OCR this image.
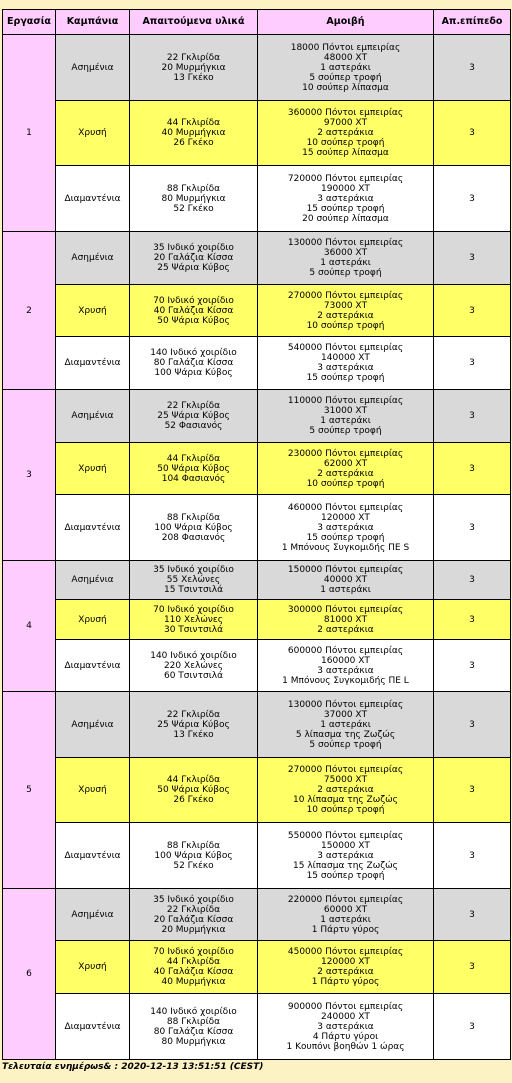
Εργασία	Καμπάνια	Απαιτούμενα υλικά	Αμοιβή	Απ.επίπεδο
1	Ασημένια	22 Γκλιρίδα
20 Μυρμήγκια
13 Γκέκο	18000 Πόντοι εμπειρίας
48000 ΧΤ
1 αστεράκι
5 σούπερ τροφή
10 σούπερ λίπασμα	3
	Χρυσή	44 Γκλιρίδα
40 Μυρμήγκια
26 Γκέκο	360000 Πόντοι εμπειρίας
97000 ΧΤ
2 αστεράκια
10 σούπερ τροφή
15 σούπερ λίπασμα	3
	Διαμαντένια	88 Γκλιρίδα
80 Μυρμήγκια
52 Γκέκο	720000 Πόντοι εμπειρίας
190000 ΧΤ
3 αστεράκια
15 σούπερ τροφή
20 σούπερ λίπασμα	3
2	Ασημένια	35 Ινδικό χοιρίδιο
20 Γαλάζια Κίσσα
25 Ψάρια Κύβος	130000 Πόντοι εμπειρίας
36000 ΧΤ
1 αστεράκι
5 σούπερ τροφή	3
	Χρυσή	70 Ινδικό χοιρίδιο
40 Γαλάζια Κίσσα
50 Ψάρια Κύβος	270000 Πόντοι εμπειρίας
73000 ΧΤ
2 αστεράκια
10 σούπερ τροφή	3
	Διαμαντένια	140 Ινδικό χοιρίδιο
80 Γαλάζια Κίσσα
100 Ψάρια Κύβος	540000 Πόντοι εμπειρίας
140000 ΧΤ
3 αστεράκια
15 σούπερ τροφή	3
3	Ασημένια	22 Γκλιρίδα
25 Ψάρια Κύβος
52 Φασιανός	110000 Πόντοι εμπειρίας
31000 ΧΤ
1 αστεράκι
5 σούπερ τροφή	3
	Χρυσή	44 Γκλιρίδα
50 Ψάρια Κύβος
104 Φασιανός	230000 Πόντοι εμπειρίας
62000 ΧΤ
2 αστεράκια
10 σούπερ τροφή	3
	Διαμαντένια	88 Γκλιρίδα
100 Ψάρια Κύβος
208 Φασιανός	460000 Πόντοι εμπειρίας
120000 ΧΤ
3 αστεράκια
15 σούπερ τροφή
1 Μπόνους Συγκομιδής ΠΕ S	3
4	Ασημένια	35 Ινδικό χοιρίδιο
55 Χελώνες
15 Τσιντσιλά	150000 Πόντοι εμπειρίας
40000 ΧΤ
1 αστεράκι	3
	Χρυσή	70 Ινδικό χοιρίδιο
110 Χελώνες
30 Τσιντσιλά	300000 Πόντοι εμπειρίας
81000 ΧΤ
2 αστεράκια	3
	Διαμαντένια	140 Ινδικό χοιρίδιο
220 Χελώνες
60 Τσιντσιλά	600000 Πόντοι εμπειρίας
160000 ΧΤ
3 αστεράκια
1 Μπόνους Συγκομιδής ΠΕ L	3
5	Ασημένια	22 Γκλιρίδα
25 Ψάρια Κύβος
13 Γκέκο	130000 Πόντοι εμπειρίας
37000 ΧΤ
1 αστεράκι
5 λίπασμα της Ζωζώς
5 σούπερ τροφή	3
	Χρυσή	44 Γκλιρίδα
50 Ψάρια Κύβος
26 Γκέκο	270000 Πόντοι εμπειρίας
75000 ΧΤ
2 αστεράκια
10 λίπασμα της Ζωζώς
10 σούπερ τροφή	3
	Διαμαντένια	88 Γκλιρίδα
100 Ψάρια Κύβος
52 Γκέκο	550000 Πόντοι εμπειρίας
150000 ΧΤ
3 αστεράκια
15 λίπασμα της Ζωζώς
15 σούπερ τροφή	3
6	Ασημένια	35 Ινδικό χοιρίδιο
22 Γκλιρίδα
20 Γαλάζια Κίσσα
20 Μυρμήγκια	220000 Πόντοι εμπειρίας
60000 ΧΤ
1 αστεράκι
1 Πάρτυ γύρος	3
	Χρυσή	70 Ινδικό χοιρίδιο
44 Γκλιρίδα
40 Γαλάζια Κίσσα
40 Μυρμήγκια	450000 Πόντοι εμπειρίας
120000 ΧΤ
2 αστεράκια
1 Πάρτυ γύρος	3
	Διαμαντένια	140 Ινδικό χοιρίδιο
88 Γκλιρίδα
80 Γαλάζια Κίσσα
80 Μυρμήγκια	900000 Πόντοι εμπειρίας
240000 ΧΤ
3 αστεράκια
4 Πάρτυ γύροι
1 Κουπόνι βοηθών 1 ώρας	3
Τελευταία ενημέρωs& : 2020-12-13 13:51:51 (CEST)
